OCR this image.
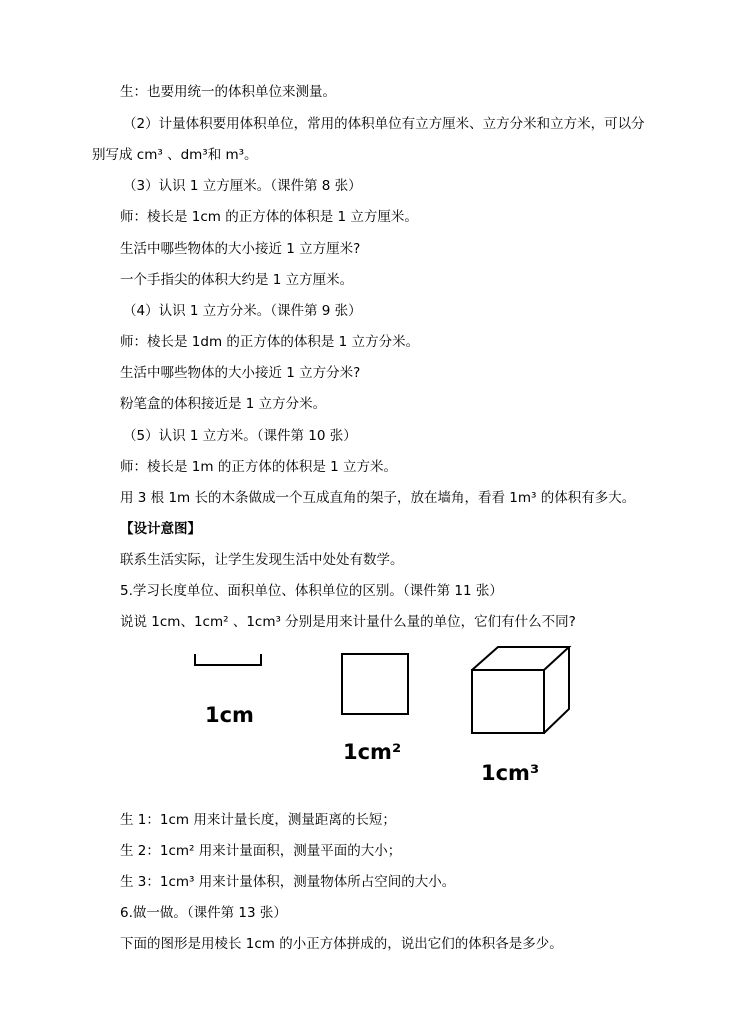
生：也要用统一的体积单位来测量。
（2）计量体积要用体积单位，常用的体积单位有立方厘米、立方分米和立方米，可以分
别写成 cm³ 、dm³和 m³。
（3）认识 1 立方厘米。（课件第 8 张）
师：棱长是 1cm 的正方体的体积是 1 立方厘米。
生活中哪些物体的大小接近 1 立方厘米?
一个手指尖的体积大约是 1 立方厘米。
（4）认识 1 立方分米。（课件第 9 张）
师：棱长是 1dm 的正方体的体积是 1 立方分米。
生活中哪些物体的大小接近 1 立方分米?
粉笔盒的体积接近是 1 立方分米。
（5）认识 1 立方米。（课件第 10 张）
师：棱长是 1m 的正方体的体积是 1 立方米。
用 3 根 1m 长的木条做成一个互成直角的架子，放在墙角，看看 1m³ 的体积有多大。
【设计意图】
联系生活实际，让学生发现生活中处处有数学。
5.学习长度单位、面积单位、体积单位的区别。（课件第 11 张）
说说 1cm、1cm² 、1cm³ 分别是用来计量什么量的单位，它们有什么不同?
1cm
1cm²
1cm³
生 1：1cm 用来计量长度，测量距离的长短；
生 2：1cm² 用来计量面积，测量平面的大小；
生 3：1cm³ 用来计量体积，测量物体所占空间的大小。
6.做一做。（课件第 13 张）
下面的图形是用棱长 1cm 的小正方体拼成的，说出它们的体积各是多少。
